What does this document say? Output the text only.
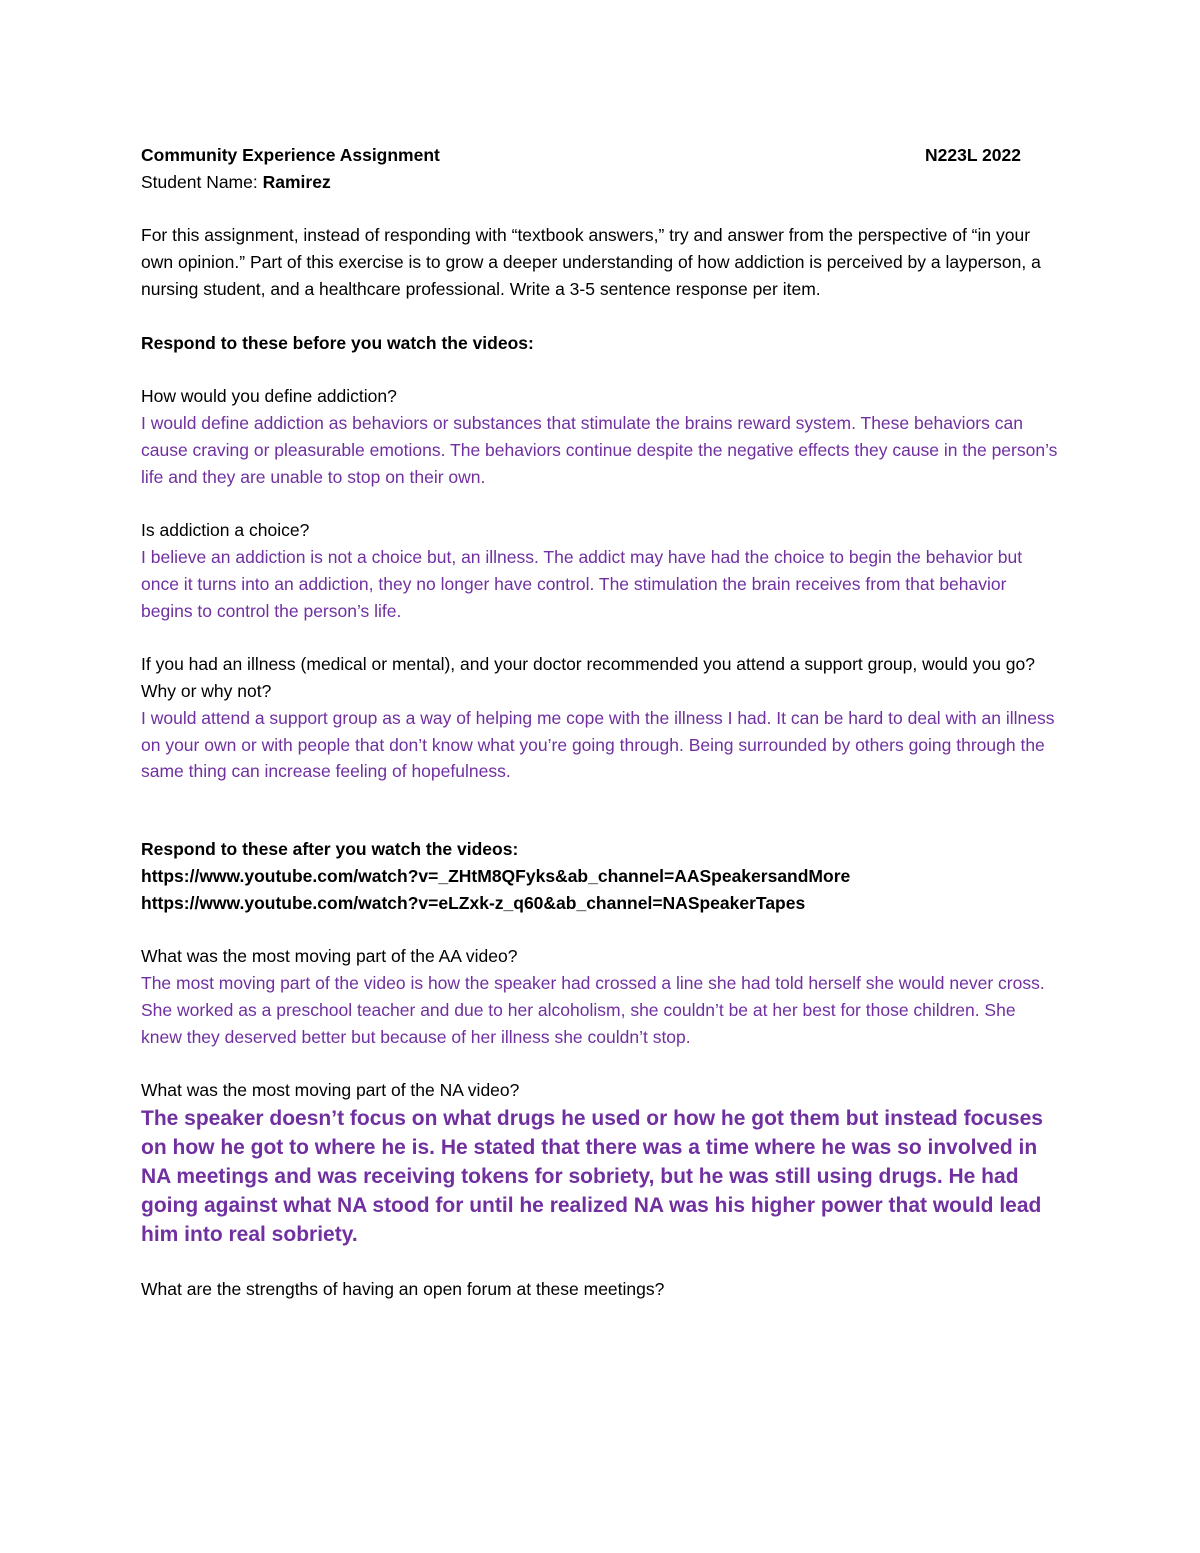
Community Experience Assignment	N223L 2022

Student Name: Ramirez

For this assignment, instead of responding with “textbook answers,” try and answer from the perspective of “in your own opinion.” Part of this exercise is to grow a deeper understanding of how addiction is perceived by a layperson, a nursing student, and a healthcare professional. Write a 3-5 sentence response per item.

Respond to these before you watch the videos:

How would you define addiction?

I would define addiction as behaviors or substances that stimulate the brains reward system. These behaviors can cause craving or pleasurable emotions. The behaviors continue despite the negative effects they cause in the person’s life and they are unable to stop on their own.

Is addiction a choice?

I believe an addiction is not a choice but, an illness. The addict may have had the choice to begin the behavior but once it turns into an addiction, they no longer have control. The stimulation the brain receives from that behavior begins to control the person’s life.

If you had an illness (medical or mental), and your doctor recommended you attend a support group, would you go? Why or why not?

I would attend a support group as a way of helping me cope with the illness I had. It can be hard to deal with an illness on your own or with people that don’t know what you’re going through. Being surrounded by others going through the same thing can increase feeling of hopefulness.

Respond to these after you watch the videos:

https://www.youtube.com/watch?v=_ZHtM8QFyks&ab_channel=AASpeakersandMore

https://www.youtube.com/watch?v=eLZxk-z_q60&ab_channel=NASpeakerTapes

What was the most moving part of the AA video?

The most moving part of the video is how the speaker had crossed a line she had told herself she would never cross. She worked as a preschool teacher and due to her alcoholism, she couldn’t be at her best for those children. She knew they deserved better but because of her illness she couldn’t stop.

What was the most moving part of the NA video?

The speaker doesn’t focus on what drugs he used or how he got them but instead focuses on how he got to where he is. He stated that there was a time where he was so involved in NA meetings and was receiving tokens for sobriety, but he was still using drugs. He had going against what NA stood for until he realized NA was his higher power that would lead him into real sobriety.

What are the strengths of having an open forum at these meetings?
